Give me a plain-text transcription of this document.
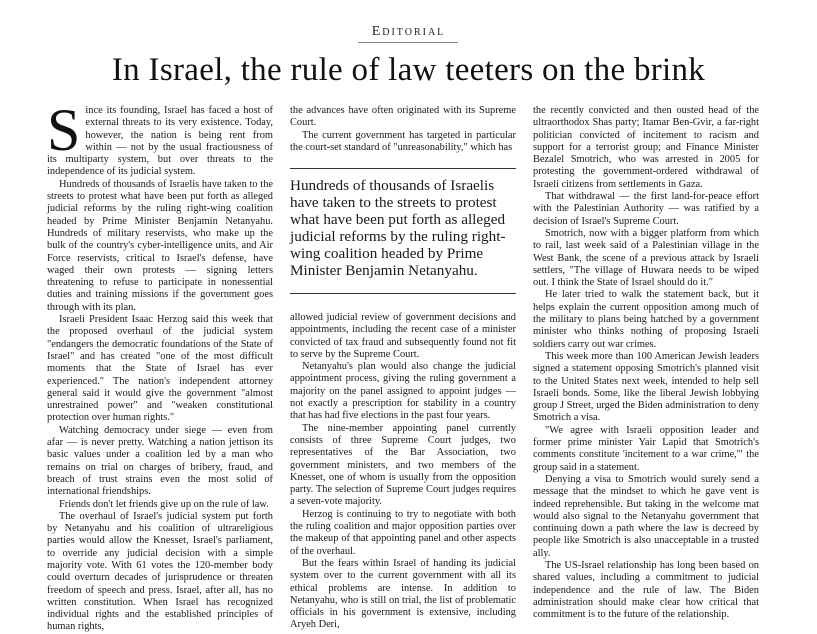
Editorial
In Israel, the rule of law teeters on the brink

Since its founding, Israel has faced a host of external threats to its very existence. Today, however, the nation is being rent from within — not by the usual fractiousness of its multiparty system, but over threats to the independence of its judicial system.

Hundreds of thousands of Israelis have taken to the streets to protest what have been put forth as alleged judicial reforms by the ruling right-wing coalition headed by Prime Minister Benjamin Netanyahu. Hundreds of military reservists, who make up the bulk of the country's cyber-intelligence units, and Air Force reservists, critical to Israel's defense, have waged their own protests — signing letters threatening to refuse to participate in nonessential duties and training missions if the government goes through with its plan.

Israeli President Isaac Herzog said this week that the proposed overhaul of the judicial system "endangers the democratic foundations of the State of Israel" and has created "one of the most difficult moments that the State of Israel has ever experienced." The nation's independent attorney general said it would give the government "almost unrestrained power" and "weaken constitutional protection over human rights."

Watching democracy under siege — even from afar — is never pretty. Watching a nation jettison its basic values under a coalition led by a man who remains on trial on charges of bribery, fraud, and breach of trust strains even the most solid of international friendships.

Friends don't let friends give up on the rule of law.

The overhaul of Israel's judicial system put forth by Netanyahu and his coalition of ultrareligious parties would allow the Knesset, Israel's parliament, to override any judicial decision with a simple majority vote. With 61 votes the 120-member body could overturn decades of jurisprudence or threaten freedom of speech and press. Israel, after all, has no written constitution. When Israel has recognized individual rights and the established principles of human rights,

the advances have often originated with its Supreme Court.

The current government has targeted in particular the court-set standard of "unreasonability," which has

Hundreds of thousands of Israelis have taken to the streets to protest what have been put forth as alleged judicial reforms by the ruling right-wing coalition headed by Prime Minister Benjamin Netanyahu.

allowed judicial review of government decisions and appointments, including the recent case of a minister convicted of tax fraud and subsequently found not fit to serve by the Supreme Court.

Netanyahu's plan would also change the judicial appointment process, giving the ruling government a majority on the panel assigned to appoint judges — not exactly a prescription for stability in a country that has had five elections in the past four years.

The nine-member appointing panel currently consists of three Supreme Court judges, two representatives of the Bar Association, two government ministers, and two members of the Knesset, one of whom is usually from the opposition party. The selection of Supreme Court judges requires a seven-vote majority.

Herzog is continuing to try to negotiate with both the ruling coalition and major opposition parties over the makeup of that appointing panel and other aspects of the overhaul.

But the fears within Israel of handing its judicial system over to the current government with all its ethical problems are intense. In addition to Netanyahu, who is still on trial, the list of problematic officials in his government is extensive, including Aryeh Deri,

the recently convicted and then ousted head of the ultraorthodox Shas party; Itamar Ben-Gvir, a far-right politician convicted of incitement to racism and support for a terrorist group; and Finance Minister Bezalel Smotrich, who was arrested in 2005 for protesting the government-ordered withdrawal of Israeli citizens from settlements in Gaza.

That withdrawal — the first land-for-peace effort with the Palestinian Authority — was ratified by a decision of Israel's Supreme Court.

Smotrich, now with a bigger platform from which to rail, last week said of a Palestinian village in the West Bank, the scene of a previous attack by Israeli settlers, "The village of Huwara needs to be wiped out. I think the State of Israel should do it."

He later tried to walk the statement back, but it helps explain the current opposition among much of the military to plans being hatched by a government minister who thinks nothing of proposing Israeli soldiers carry out war crimes.

This week more than 100 American Jewish leaders signed a statement opposing Smotrich's planned visit to the United States next week, intended to help sell Israeli bonds. Some, like the liberal Jewish lobbying group J Street, urged the Biden administration to deny Smotrich a visa.

"We agree with Israeli opposition leader and former prime minister Yair Lapid that Smotrich's comments constitute 'incitement to a war crime,'" the group said in a statement.

Denying a visa to Smotrich would surely send a message that the mindset to which he gave vent is indeed reprehensible. But taking in the welcome mat would also signal to the Netanyahu government that continuing down a path where the law is decreed by people like Smotrich is also unacceptable in a trusted ally.

The US-Israel relationship has long been based on shared values, including a commitment to judicial independence and the rule of law. The Biden administration should make clear how critical that commitment is to the future of the relationship.
